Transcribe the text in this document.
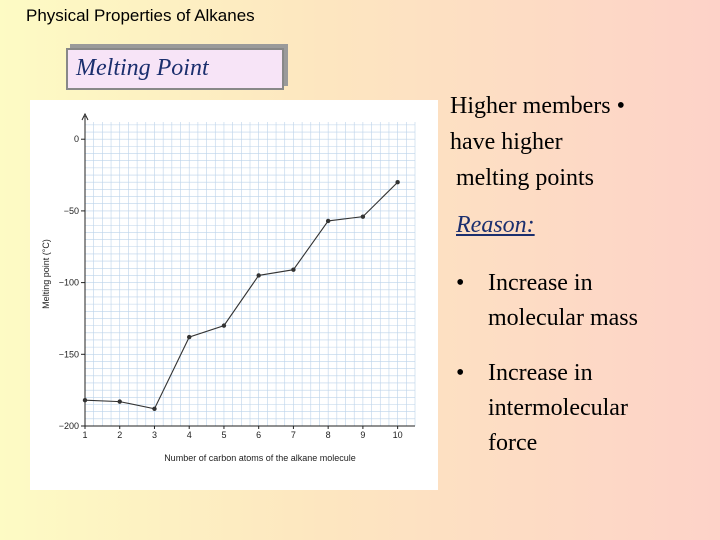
Physical Properties of Alkanes
Melting Point
0
−50
−100
−150
−200
1	2	3	4	5	6	7	8	9	10
Number of carbon atoms of the alkane molecule
Melting point (°C)
Higher members •
have higher
melting points
Reason:
• Increase in
molecular mass
• Increase in
intermolecular
force
